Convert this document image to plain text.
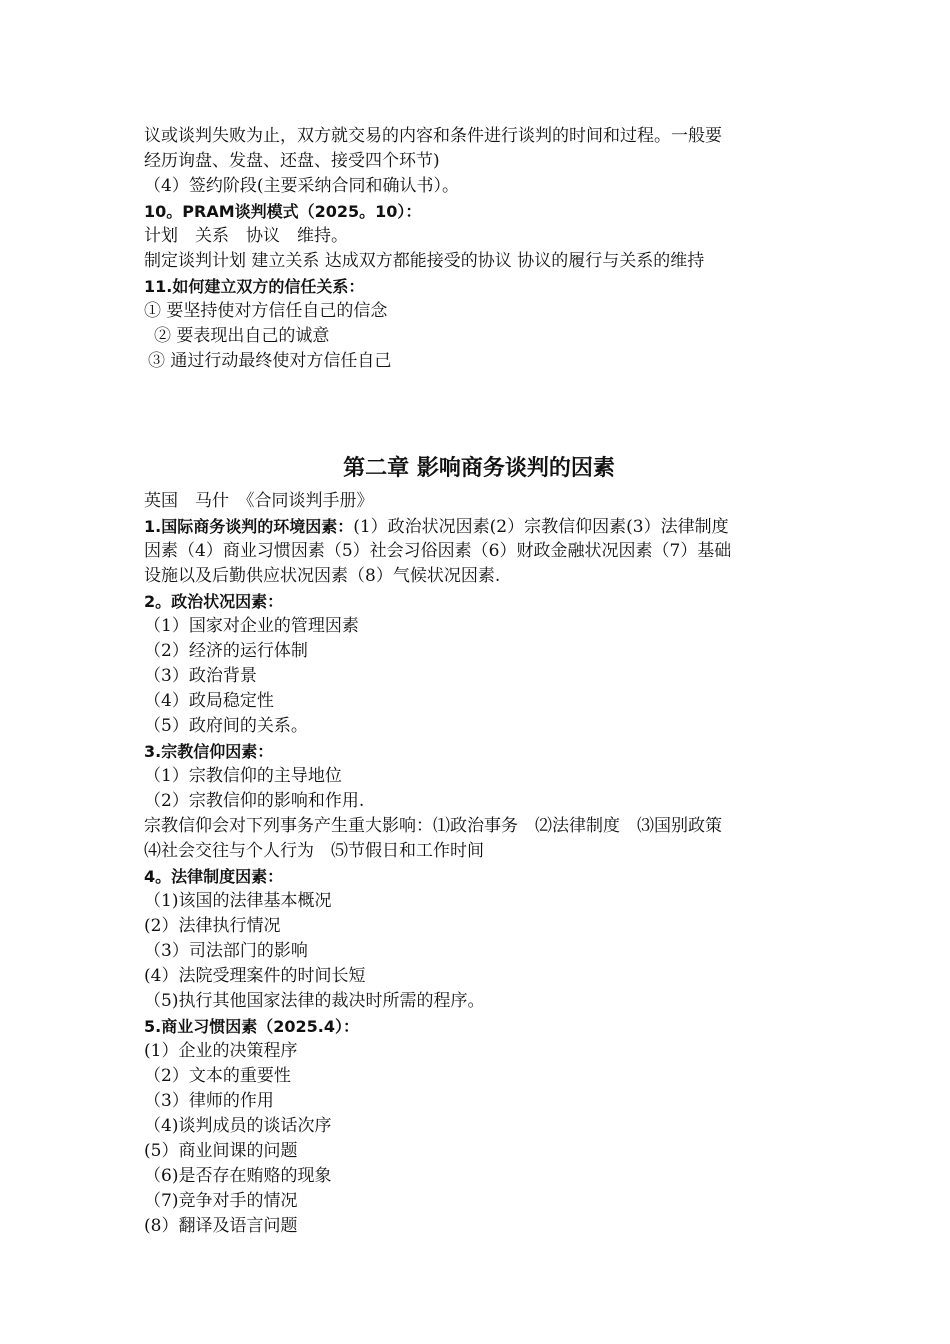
议或谈判失败为止，双方就交易的内容和条件进行谈判的时间和过程。一般要
经历询盘、发盘、还盘、接受四个环节)
（4）签约阶段(主要采纳合同和确认书）。
10。PRAM谈判模式（2025。10）：
计划　关系　协议　维持。
制定谈判计划 建立关系 达成双方都能接受的协议 协议的履行与关系的维持
11.如何建立双方的信任关系：
① 要坚持使对方信任自己的信念
② 要表现出自己的诚意
③ 通过行动最终使对方信任自己
第二章 影响商务谈判的因素
英国　马什　《合同谈判手册》
1.国际商务谈判的环境因素：(1）政治状况因素(2）宗教信仰因素(3）法律制度
因素（4）商业习惯因素（5）社会习俗因素（6）财政金融状况因素（7）基础
设施以及后勤供应状况因素（8）气候状况因素.
2。政治状况因素：
（1）国家对企业的管理因素
（2）经济的运行体制
（3）政治背景
（4）政局稳定性
（5）政府间的关系。
3.宗教信仰因素：
（1）宗教信仰的主导地位
（2）宗教信仰的影响和作用.
宗教信仰会对下列事务产生重大影响：⑴政治事务　⑵法律制度　⑶国别政策
⑷社会交往与个人行为　⑸节假日和工作时间
4。法律制度因素：
（1)该国的法律基本概况
(2）法律执行情况
（3）司法部门的影响
(4）法院受理案件的时间长短
（5)执行其他国家法律的裁决时所需的程序。
5.商业习惯因素（2025.4）：
(1）企业的决策程序
（2）文本的重要性
（3）律师的作用
（4)谈判成员的谈话次序
(5）商业间课的问题
（6)是否存在贿赂的现象
（7)竞争对手的情况
(8）翻译及语言问题
